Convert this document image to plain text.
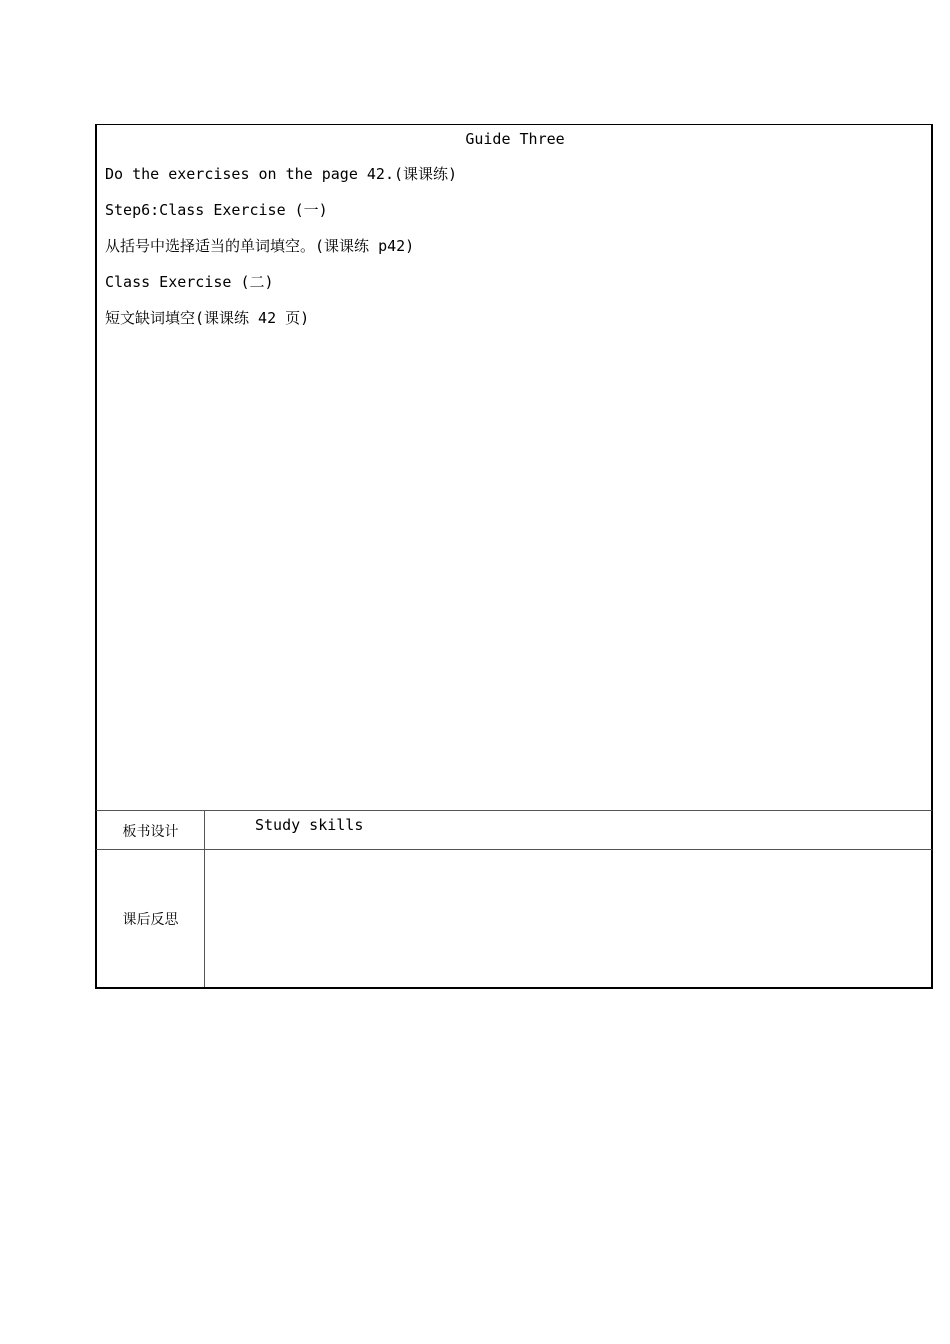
Guide Three
Do the exercises on the page 42.(课课练)
Step6:Class Exercise (一)
从括号中选择适当的单词填空。(课课练 p42)
Class Exercise (二)
短文缺词填空(课课练 42 页)
板书设计	Study skills
课后反思
